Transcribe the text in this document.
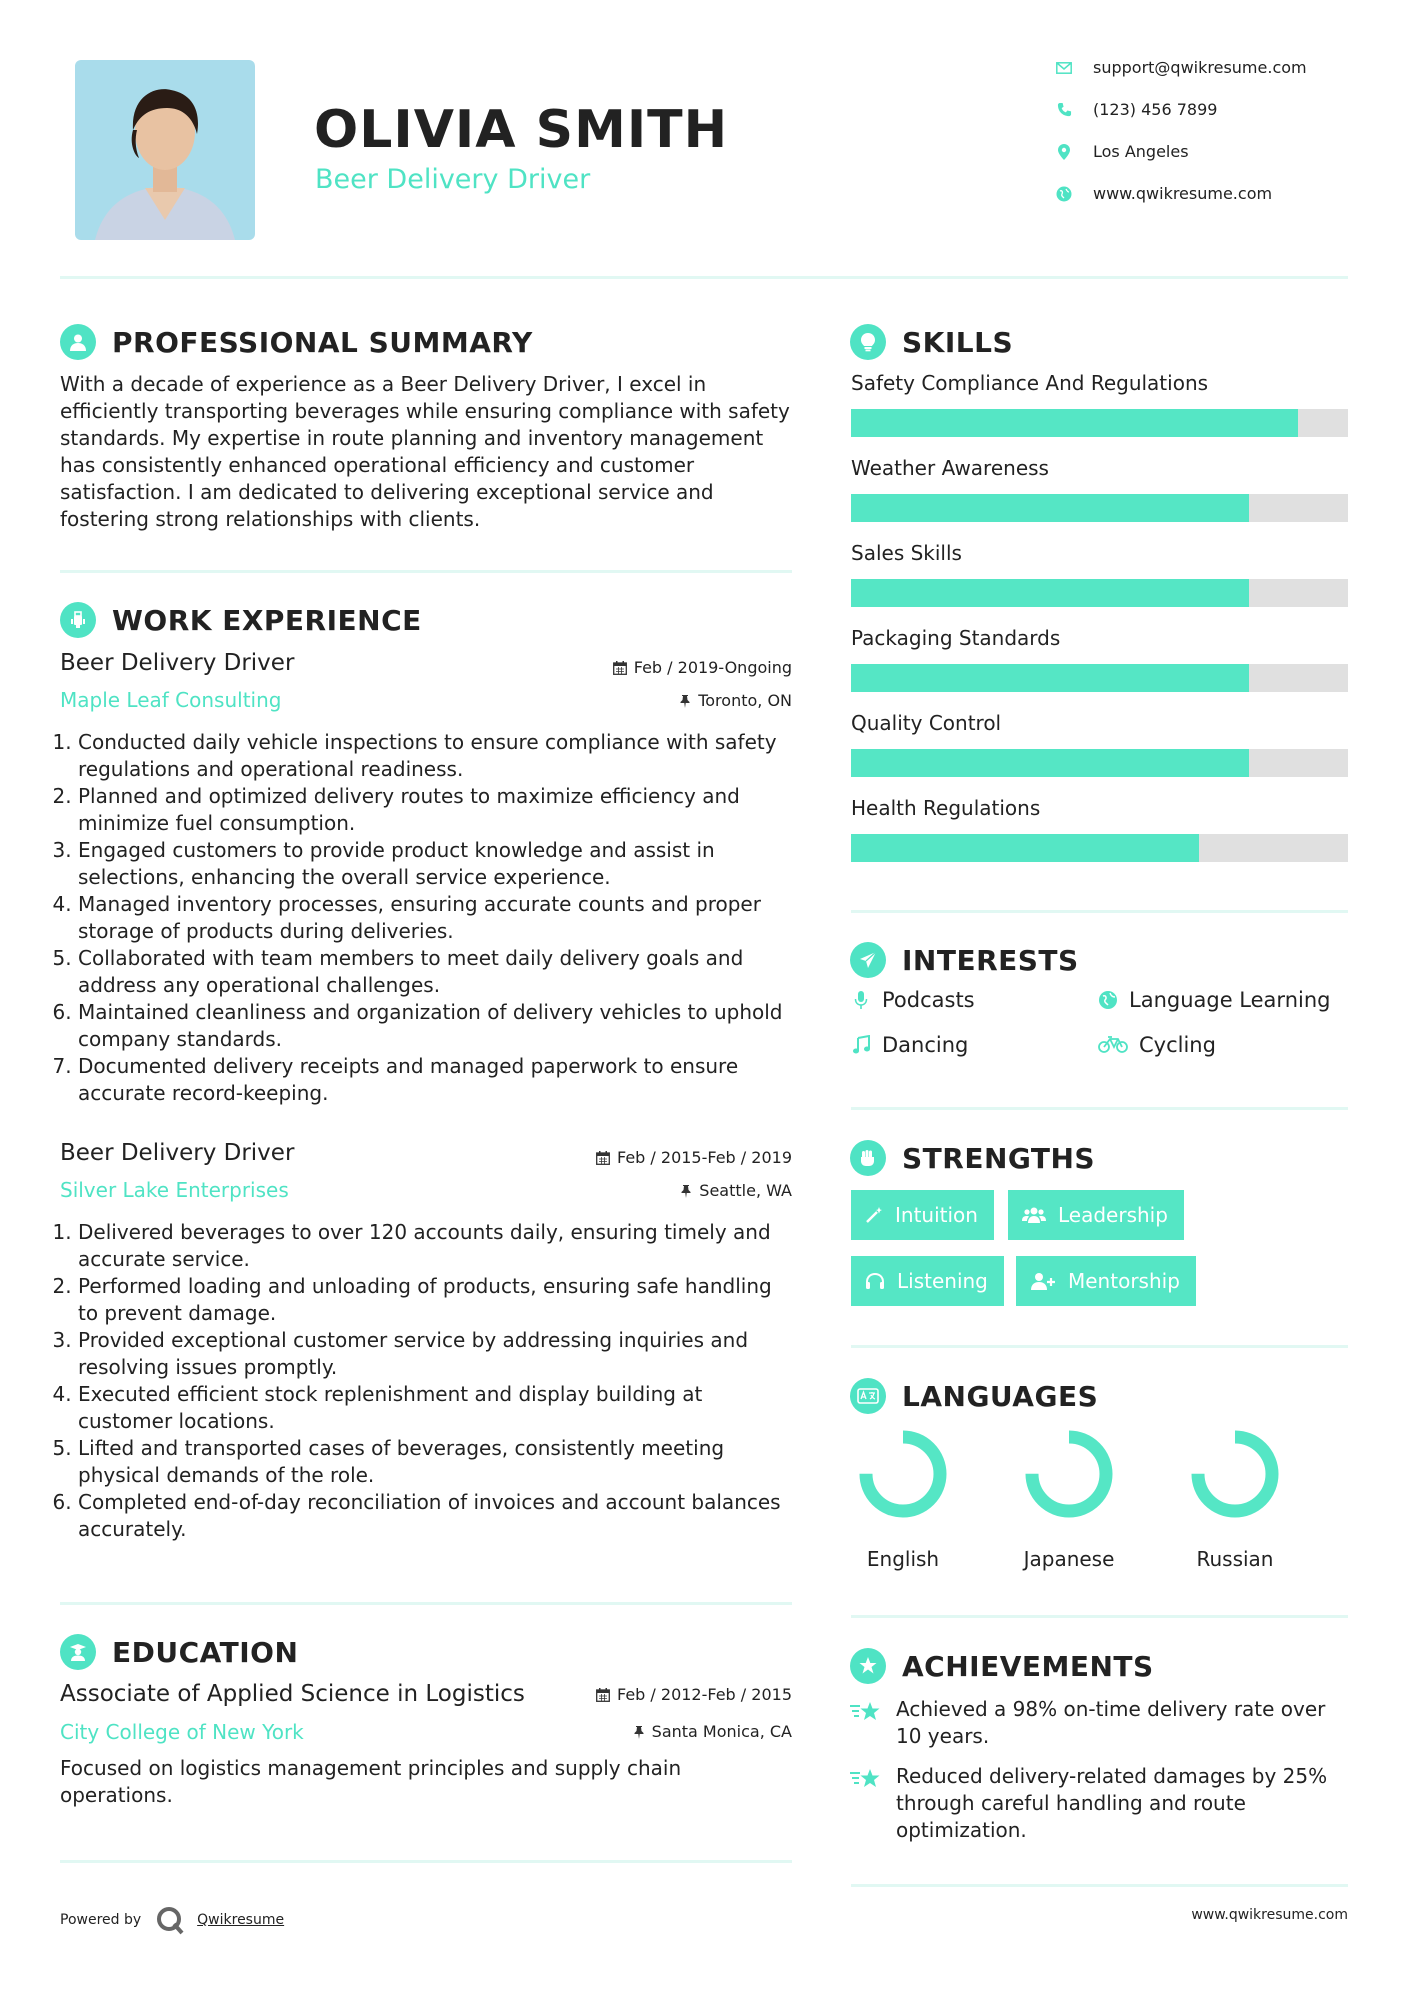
OLIVIA SMITH
Beer Delivery Driver
support@qwikresume.com
(123) 456 7899
Los Angeles
www.qwikresume.com
PROFESSIONAL SUMMARY
With a decade of experience as a Beer Delivery Driver, I excel in efficiently transporting beverages while ensuring compliance with safety standards. My expertise in route planning and inventory management has consistently enhanced operational efficiency and customer satisfaction. I am dedicated to delivering exceptional service and fostering strong relationships with clients.
WORK EXPERIENCE
Beer Delivery Driver	Feb / 2019-Ongoing
Maple Leaf Consulting	Toronto, ON
1. Conducted daily vehicle inspections to ensure compliance with safety regulations and operational readiness.
2. Planned and optimized delivery routes to maximize efficiency and minimize fuel consumption.
3. Engaged customers to provide product knowledge and assist in selections, enhancing the overall service experience.
4. Managed inventory processes, ensuring accurate counts and proper storage of products during deliveries.
5. Collaborated with team members to meet daily delivery goals and address any operational challenges.
6. Maintained cleanliness and organization of delivery vehicles to uphold company standards.
7. Documented delivery receipts and managed paperwork to ensure accurate record-keeping.
Beer Delivery Driver	Feb / 2015-Feb / 2019
Silver Lake Enterprises	Seattle, WA
1. Delivered beverages to over 120 accounts daily, ensuring timely and accurate service.
2. Performed loading and unloading of products, ensuring safe handling to prevent damage.
3. Provided exceptional customer service by addressing inquiries and resolving issues promptly.
4. Executed efficient stock replenishment and display building at customer locations.
5. Lifted and transported cases of beverages, consistently meeting physical demands of the role.
6. Completed end-of-day reconciliation of invoices and account balances accurately.
EDUCATION
Associate of Applied Science in Logistics	Feb / 2012-Feb / 2015
City College of New York	Santa Monica, CA
Focused on logistics management principles and supply chain operations.
SKILLS
Safety Compliance And Regulations
Weather Awareness
Sales Skills
Packaging Standards
Quality Control
Health Regulations
INTERESTS
Podcasts	Language Learning
Dancing	Cycling
STRENGTHS
Intuition	Leadership
Listening	Mentorship
LANGUAGES
English	Japanese	Russian
ACHIEVEMENTS
Achieved a 98% on-time delivery rate over 10 years.
Reduced delivery-related damages by 25% through careful handling and route optimization.
Powered by	Qwikresume	www.qwikresume.com
